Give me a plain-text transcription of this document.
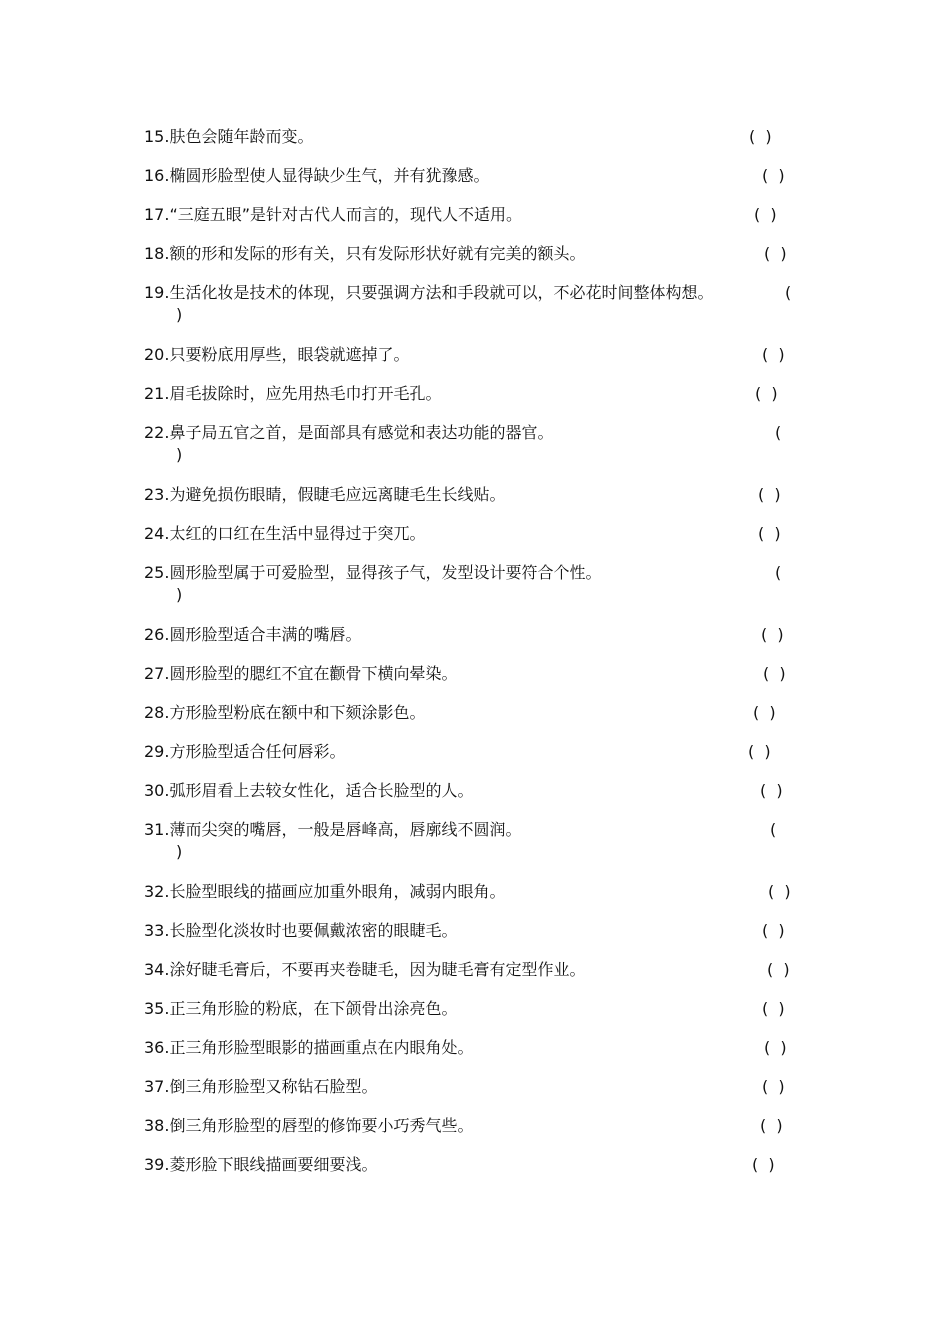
15.肤色会随年龄而变。	(  )
16.椭圆形脸型使人显得缺少生气，并有犹豫感。	(  )
17.“三庭五眼”是针对古代人而言的，现代人不适用。	(  )
18.额的形和发际的形有关，只有发际形状好就有完美的额头。	(  )
19.生活化妆是技术的体现，只要强调方法和手段就可以，不必花时间整体构想。	(
)
20.只要粉底用厚些，眼袋就遮掉了。	(  )
21.眉毛拔除时，应先用热毛巾打开毛孔。	(  )
22.鼻子局五官之首，是面部具有感觉和表达功能的器官。	(
)
23.为避免损伤眼睛，假睫毛应远离睫毛生长线贴。	(  )
24.太红的口红在生活中显得过于突兀。	(  )
25.圆形脸型属于可爱脸型，显得孩子气，发型设计要符合个性。	(
)
26.圆形脸型适合丰满的嘴唇。	(  )
27.圆形脸型的腮红不宜在颧骨下横向晕染。	(  )
28.方形脸型粉底在额中和下颏涂影色。	(  )
29.方形脸型适合任何唇彩。	(  )
30.弧形眉看上去较女性化，适合长脸型的人。	(  )
31.薄而尖突的嘴唇，一般是唇峰高，唇廓线不圆润。	(
)
32.长脸型眼线的描画应加重外眼角，减弱内眼角。	(  )
33.长脸型化淡妆时也要佩戴浓密的眼睫毛。	(  )
34.涂好睫毛膏后，不要再夹卷睫毛，因为睫毛膏有定型作业。	(  )
35.正三角形脸的粉底，在下颌骨出涂亮色。	(  )
36.正三角形脸型眼影的描画重点在内眼角处。	(  )
37.倒三角形脸型又称钻石脸型。	(  )
38.倒三角形脸型的唇型的修饰要小巧秀气些。	(  )
39.菱形脸下眼线描画要细要浅。	(  )
